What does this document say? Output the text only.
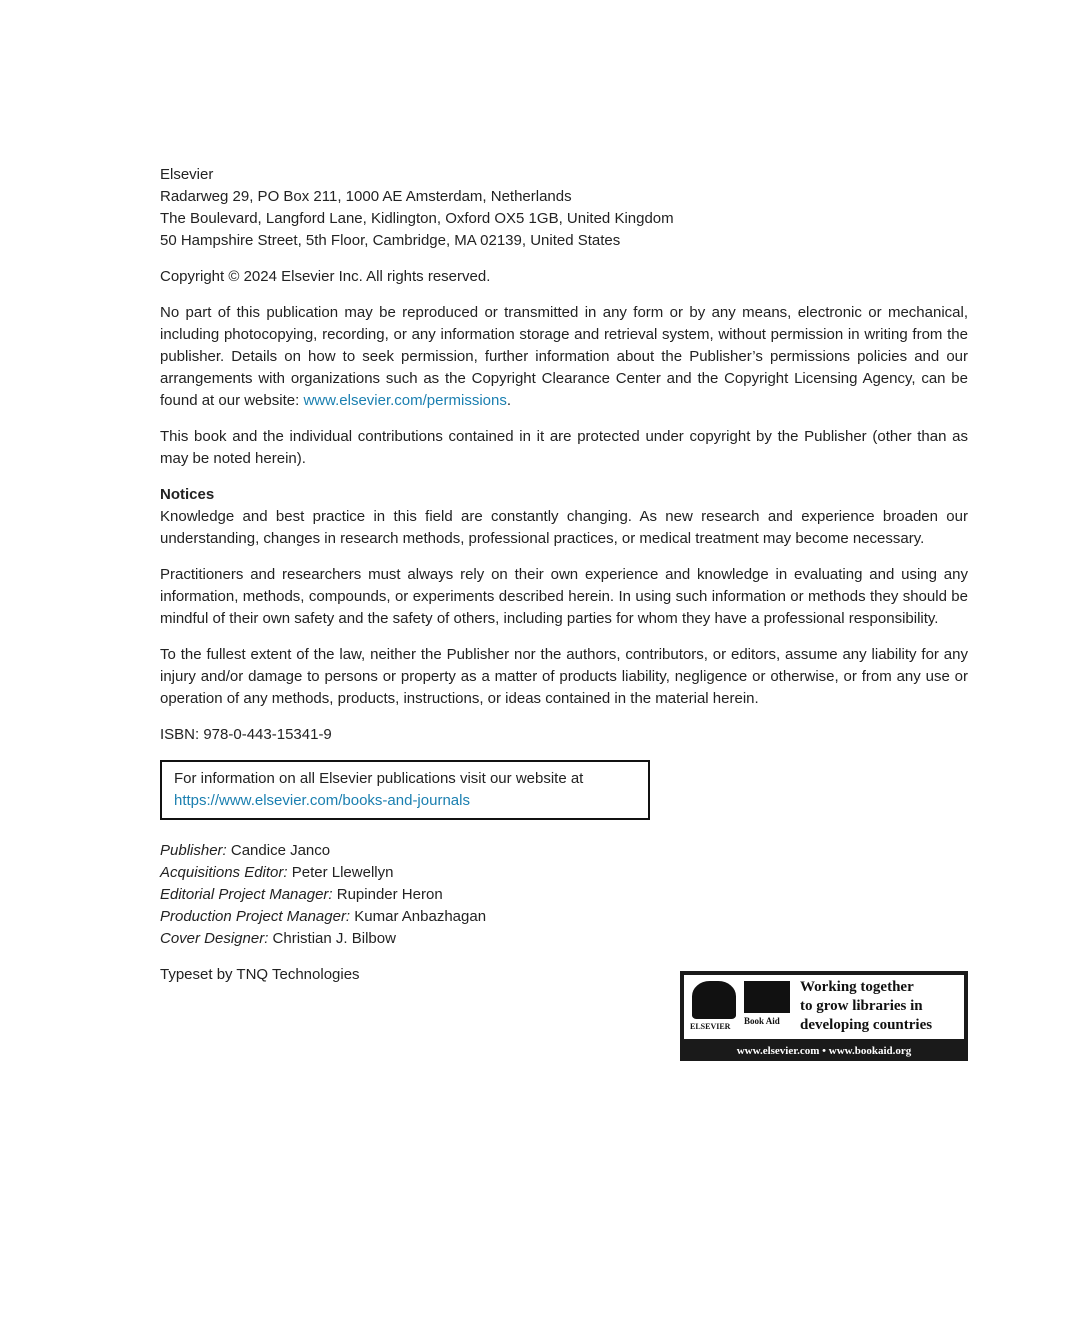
Elsevier

Radarweg 29, PO Box 211, 1000 AE Amsterdam, Netherlands

The Boulevard, Langford Lane, Kidlington, Oxford OX5 1GB, United Kingdom

50 Hampshire Street, 5th Floor, Cambridge, MA 02139, United States

Copyright © 2024 Elsevier Inc. All rights reserved.

No part of this publication may be reproduced or transmitted in any form or by any means, electronic or mechanical, including photocopying, recording, or any information storage and retrieval system, without permission in writing from the publisher. Details on how to seek permission, further information about the Publisher’s permissions policies and our arrangements with organizations such as the Copyright Clearance Center and the Copyright Licensing Agency, can be found at our website: www.elsevier.com/permissions.

This book and the individual contributions contained in it are protected under copyright by the Publisher (other than as may be noted herein).

Notices

Knowledge and best practice in this field are constantly changing. As new research and experience broaden our understanding, changes in research methods, professional practices, or medical treatment may become necessary.

Practitioners and researchers must always rely on their own experience and knowledge in evaluating and using any information, methods, compounds, or experiments described herein. In using such information or methods they should be mindful of their own safety and the safety of others, including parties for whom they have a professional responsibility.

To the fullest extent of the law, neither the Publisher nor the authors, contributors, or editors, assume any liability for any injury and/or damage to persons or property as a matter of products liability, negligence or otherwise, or from any use or operation of any methods, products, instructions, or ideas contained in the material herein.

ISBN: 978-0-443-15341-9

For information on all Elsevier publications visit our website at

https://www.elsevier.com/books-and-journals

Publisher: Candice Janco

Acquisitions Editor: Peter Llewellyn

Editorial Project Manager: Rupinder Heron

Production Project Manager: Kumar Anbazhagan

Cover Designer: Christian J. Bilbow

Typeset by TNQ Technologies

ELSEVIER
Book Aid
Working together
to grow libraries in
developing countries
www.elsevier.com • www.bookaid.org
